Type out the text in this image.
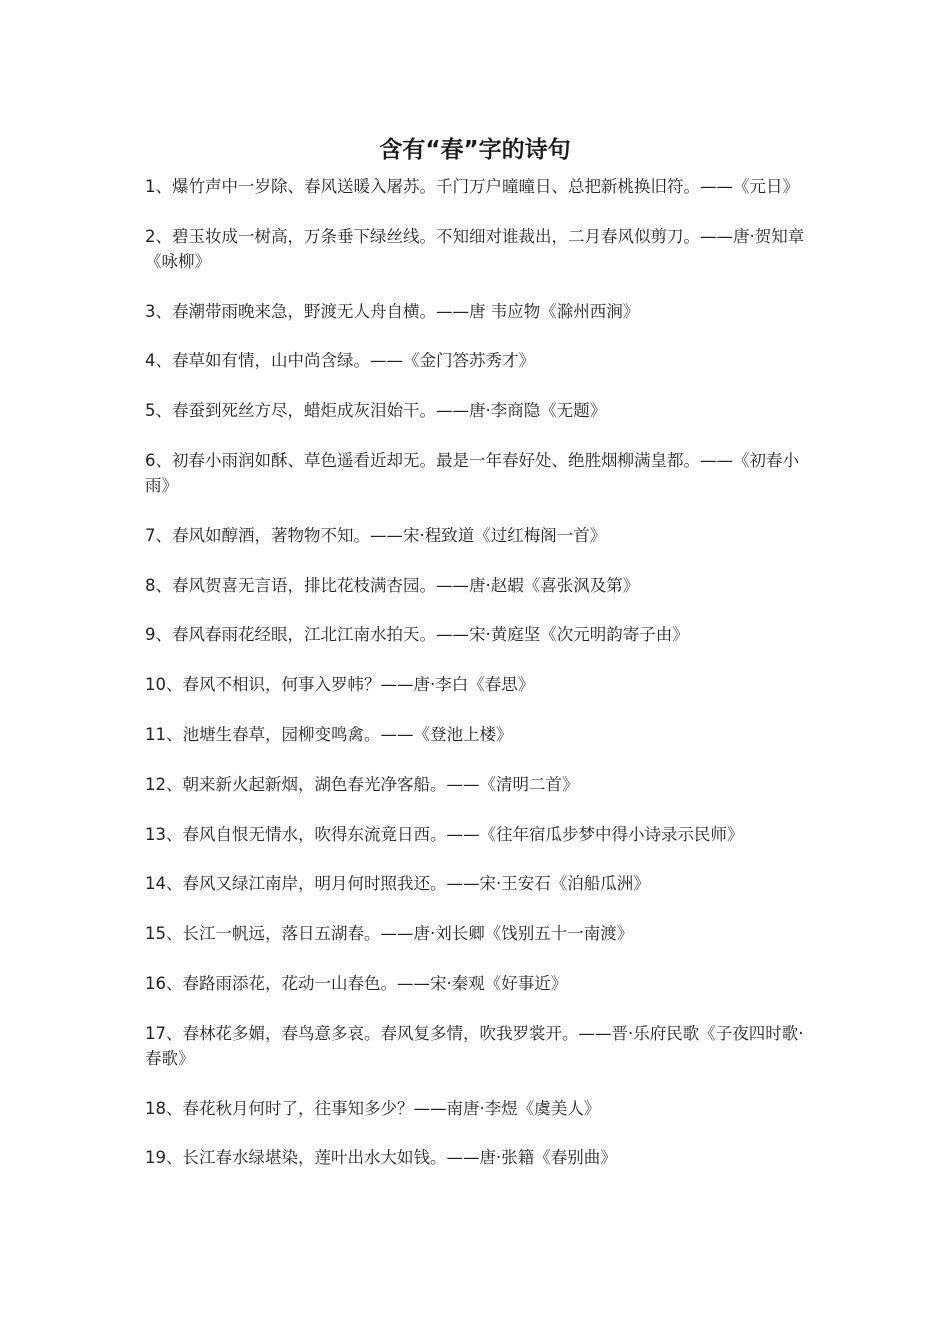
含有“春”字的诗句
1、爆竹声中一岁除、春风送暖入屠苏。千门万户曈曈日、总把新桃换旧符。——《元日》
2、碧玉妆成一树高，万条垂下绿丝线。不知细对谁裁出，二月春风似剪刀。——唐·贺知章《咏柳》
3、春潮带雨晚来急，野渡无人舟自横。——唐 韦应物《滁州西涧》
4、春草如有情，山中尚含绿。——《金门答苏秀才》
5、春蚕到死丝方尽，蜡炬成灰泪始干。——唐·李商隐《无题》
6、初春小雨润如酥、草色遥看近却无。最是一年春好处、绝胜烟柳满皇都。——《初春小雨》
7、春风如醇酒，著物物不知。——宋·程致道《过红梅阁一首》
8、春风贺喜无言语，排比花枝满杏园。——唐·赵嘏《喜张沨及第》
9、春风春雨花经眼，江北江南水拍天。——宋·黄庭坚《次元明韵寄子由》
10、春风不相识，何事入罗帏？——唐·李白《春思》
11、池塘生春草，园柳变鸣禽。——《登池上楼》
12、朝来新火起新烟，湖色春光净客船。——《清明二首》
13、春风自恨无情水，吹得东流竟日西。——《往年宿瓜步梦中得小诗录示民师》
14、春风又绿江南岸，明月何时照我还。——宋·王安石《泊船瓜洲》
15、长江一帆远，落日五湖春。——唐·刘长卿《饯别五十一南渡》
16、春路雨添花，花动一山春色。——宋·秦观《好事近》
17、春林花多媚，春鸟意多哀。春风复多情，吹我罗裳开。——晋·乐府民歌《子夜四时歌·春歌》
18、春花秋月何时了，往事知多少？——南唐·李煜《虞美人》
19、长江春水绿堪染，莲叶出水大如钱。——唐·张籍《春别曲》
